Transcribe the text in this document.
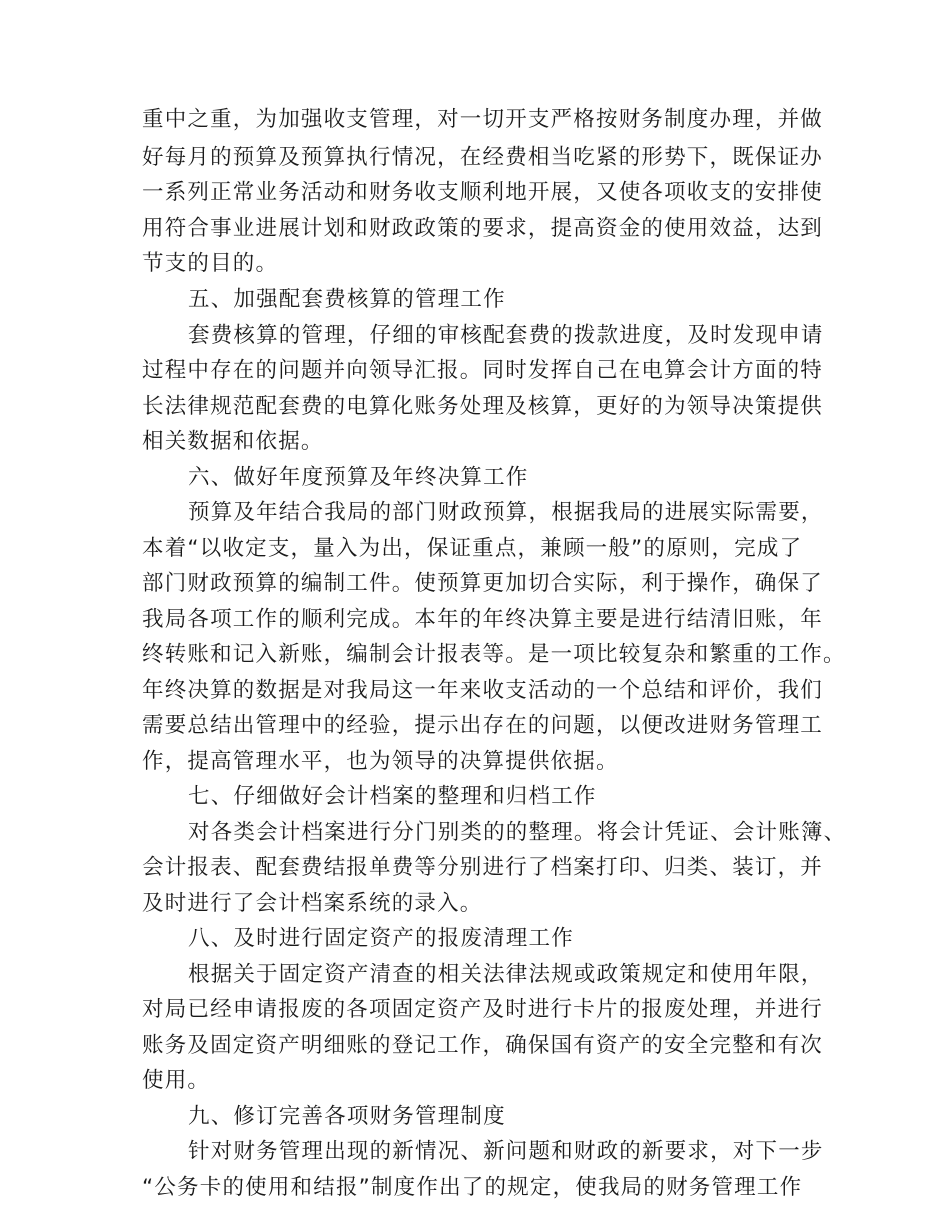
重中之重，为加强收支管理，对一切开支严格按财务制度办理，并做
好每月的预算及预算执行情况，在经费相当吃紧的形势下，既保证办
一系列正常业务活动和财务收支顺利地开展，又使各项收支的安排使
用符合事业进展计划和财政政策的要求，提高资金的使用效益，达到
节支的目的。
五、加强配套费核算的管理工作
套费核算的管理，仔细的审核配套费的拨款进度，及时发现申请
过程中存在的问题并向领导汇报。同时发挥自己在电算会计方面的特
长法律规范配套费的电算化账务处理及核算，更好的为领导决策提供
相关数据和依据。
六、做好年度预算及年终决算工作
预算及年结合我局的部门财政预算，根据我局的进展实际需要，
本着“以收定支，量入为出，保证重点，兼顾一般”的原则，完成了
部门财政预算的编制工件。使预算更加切合实际，利于操作，确保了
我局各项工作的顺利完成。本年的年终决算主要是进行结清旧账，年
终转账和记入新账，编制会计报表等。是一项比较复杂和繁重的工作。
年终决算的数据是对我局这一年来收支活动的一个总结和评价，我们
需要总结出管理中的经验，提示出存在的问题，以便改进财务管理工
作，提高管理水平，也为领导的决算提供依据。
七、仔细做好会计档案的整理和归档工作
对各类会计档案进行分门别类的的整理。将会计凭证、会计账簿、
会计报表、配套费结报单费等分别进行了档案打印、归类、装订，并
及时进行了会计档案系统的录入。
八、及时进行固定资产的报废清理工作
根据关于固定资产清查的相关法律法规或政策规定和使用年限，
对局已经申请报废的各项固定资产及时进行卡片的报废处理，并进行
账务及固定资产明细账的登记工作，确保国有资产的安全完整和有次
使用。
九、修订完善各项财务管理制度
针对财务管理出现的新情况、新问题和财政的新要求，对下一步
“公务卡的使用和结报”制度作出了的规定，使我局的财务管理工作
